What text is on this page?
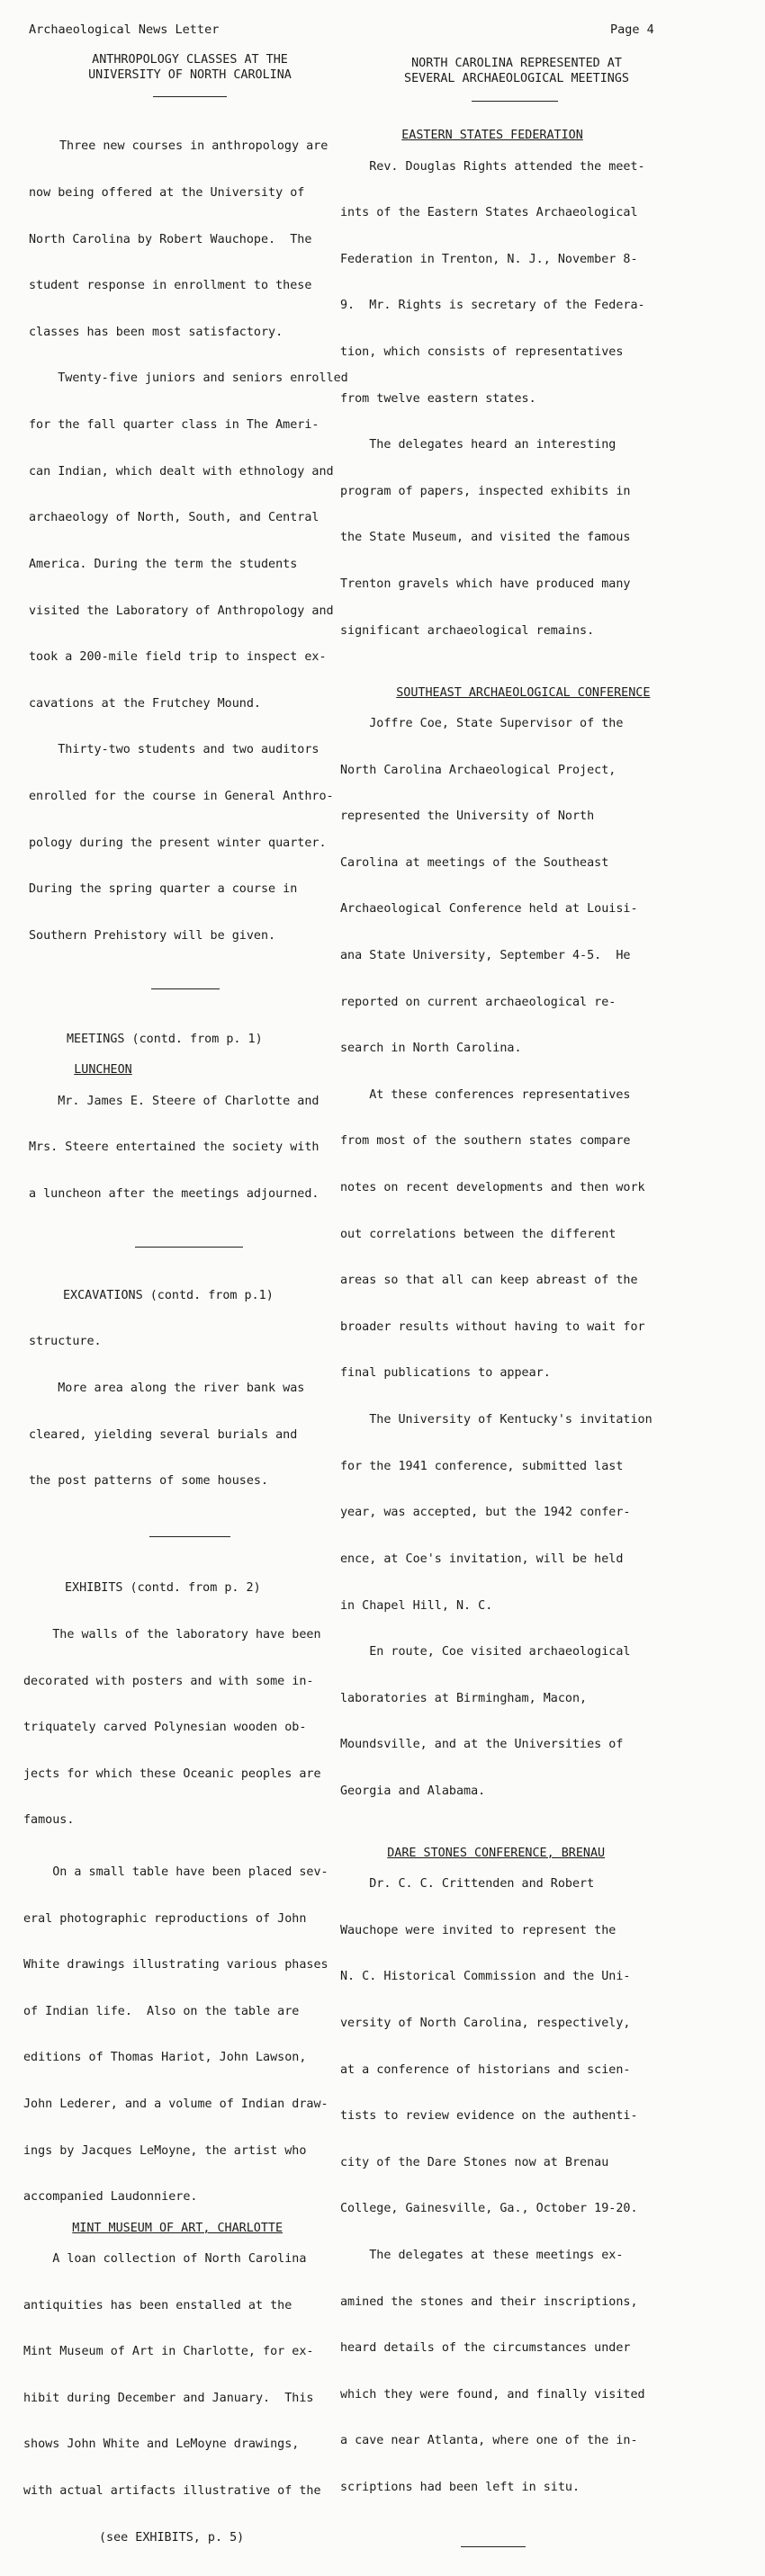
Archaeological News Letter	Page 4
ANTHROPOLOGY CLASSES AT THE
UNIVERSITY OF NORTH CAROLINA

Three new courses in anthropology are

now being offered at the University of

North Carolina by Robert Wauchope.  The

student response in enrollment to these

classes has been most satisfactory.

Twenty-five juniors and seniors enrolled

for the fall quarter class in The Ameri-

can Indian, which dealt with ethnology and

archaeology of North, South, and Central

America. During the term the students

visited the Laboratory of Anthropology and

took a 200-mile field trip to inspect ex-

cavations at the Frutchey Mound.

Thirty-two students and two auditors

enrolled for the course in General Anthro-

pology during the present winter quarter.

During the spring quarter a course in

Southern Prehistory will be given.

MEETINGS (contd. from p. 1)

LUNCHEON

Mr. James E. Steere of Charlotte and

Mrs. Steere entertained the society with

a luncheon after the meetings adjourned.

EXCAVATIONS (contd. from p.1)

structure.

More area along the river bank was

cleared, yielding several burials and

the post patterns of some houses.

EXHIBITS (contd. from p. 2)

The walls of the laboratory have been

decorated with posters and with some in-

triquately carved Polynesian wooden ob-

jects for which these Oceanic peoples are

famous.

On a small table have been placed sev-

eral photographic reproductions of John

White drawings illustrating various phases

of Indian life.  Also on the table are

editions of Thomas Hariot, John Lawson,

John Lederer, and a volume of Indian draw-

ings by Jacques LeMoyne, the artist who

accompanied Laudonniere.

MINT MUSEUM OF ART, CHARLOTTE

A loan collection of North Carolina

antiquities has been enstalled at the

Mint Museum of Art in Charlotte, for ex-

hibit during December and January.  This

shows John White and LeMoyne drawings,

with actual artifacts illustrative of the

(see EXHIBITS, p. 5)

NORTH CAROLINA REPRESENTED AT
SEVERAL ARCHAEOLOGICAL MEETINGS

EASTERN STATES FEDERATION

Rev. Douglas Rights attended the meet-

ints of the Eastern States Archaeological

Federation in Trenton, N. J., November 8-

9.  Mr. Rights is secretary of the Federa-

tion, which consists of representatives

from twelve eastern states.

The delegates heard an interesting

program of papers, inspected exhibits in

the State Museum, and visited the famous

Trenton gravels which have produced many

significant archaeological remains.

SOUTHEAST ARCHAEOLOGICAL CONFERENCE

Joffre Coe, State Supervisor of the

North Carolina Archaeological Project,

represented the University of North

Carolina at meetings of the Southeast

Archaeological Conference held at Louisi-

ana State University, September 4-5.  He

reported on current archaeological re-

search in North Carolina.

At these conferences representatives

from most of the southern states compare

notes on recent developments and then work

out correlations between the different

areas so that all can keep abreast of the

broader results without having to wait for

final publications to appear.

The University of Kentucky's invitation

for the 1941 conference, submitted last

year, was accepted, but the 1942 confer-

ence, at Coe's invitation, will be held

in Chapel Hill, N. C.

En route, Coe visited archaeological

laboratories at Birmingham, Macon,

Moundsville, and at the Universities of

Georgia and Alabama.

DARE STONES CONFERENCE, BRENAU

Dr. C. C. Crittenden and Robert

Wauchope were invited to represent the

N. C. Historical Commission and the Uni-

versity of North Carolina, respectively,

at a conference of historians and scien-

tists to review evidence on the authenti-

city of the Dare Stones now at Brenau

College, Gainesville, Ga., October 19-20.

The delegates at these meetings ex-

amined the stones and their inscriptions,

heard details of the circumstances under

which they were found, and finally visited

a cave near Atlanta, where one of the in-

scriptions had been left in situ.
